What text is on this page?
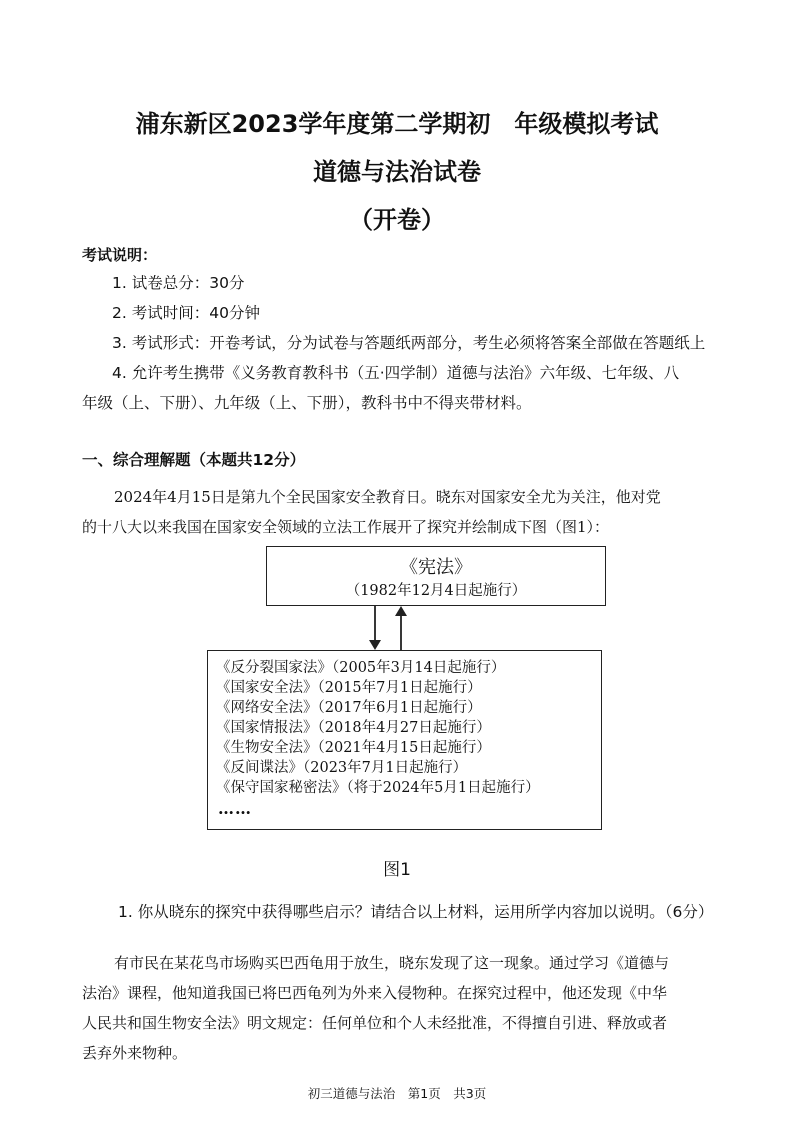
浦东新区2023学年度第二学期初　年级模拟考试
道德与法治试卷
（开卷）
考试说明：
1. 试卷总分：30分
2. 考试时间：40分钟
3. 考试形式：开卷考试，分为试卷与答题纸两部分，考生必须将答案全部做在答题纸上
4. 允许考生携带《义务教育教科书（五·四学制）道德与法治》六年级、七年级、八
年级（上、下册）、九年级（上、下册），教科书中不得夹带材料。
一、综合理解题（本题共12分）
2024年4月15日是第九个全民国家安全教育日。晓东对国家安全尤为关注，他对党
的十八大以来我国在国家安全领域的立法工作展开了探究并绘制成下图（图1）：
《宪法》
（1982年12月4日起施行）
《反分裂国家法》（2005年3月14日起施行）
《国家安全法》（2015年7月1日起施行）
《网络安全法》（2017年6月1日起施行）
《国家情报法》（2018年4月27日起施行）
《生物安全法》（2021年4月15日起施行）
《反间谍法》（2023年7月1日起施行）
《保守国家秘密法》（将于2024年5月1日起施行）
……
图1
1. 你从晓东的探究中获得哪些启示？请结合以上材料，运用所学内容加以说明。（6分）
有市民在某花鸟市场购买巴西龟用于放生，晓东发现了这一现象。通过学习《道德与
法治》课程，他知道我国已将巴西龟列为外来入侵物种。在探究过程中，他还发现《中华
人民共和国生物安全法》明文规定：任何单位和个人未经批准，不得擅自引进、释放或者
丢弃外来物种。
初三道德与法治　第1页　共3页
